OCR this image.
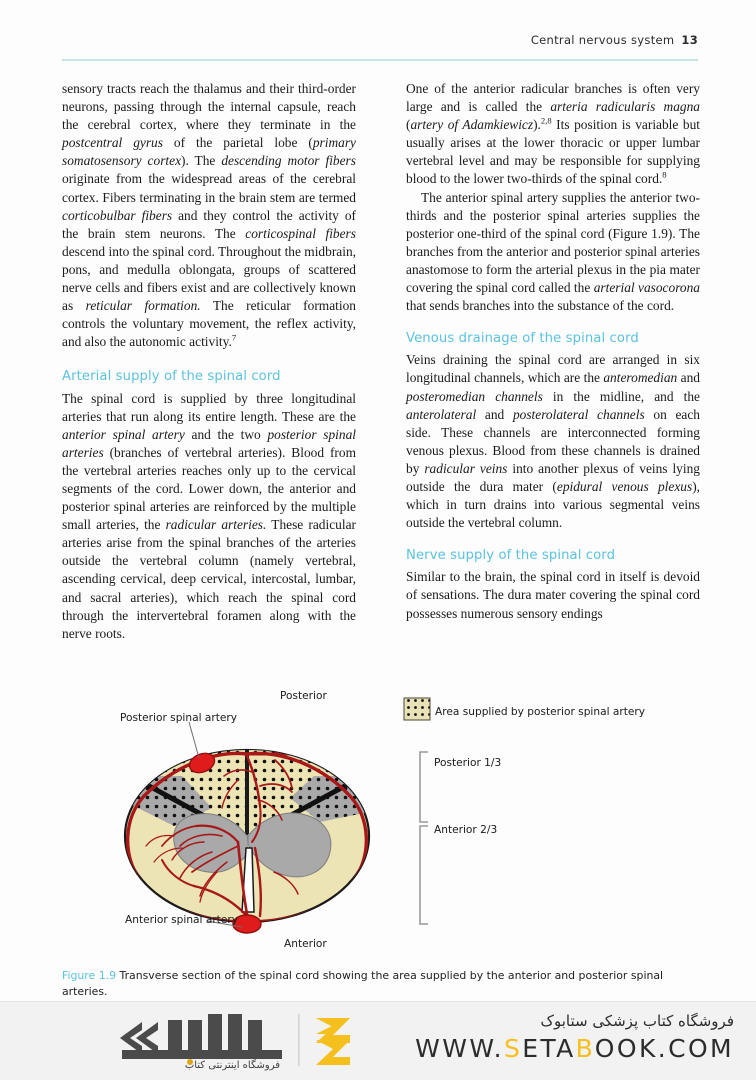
Central nervous system 13

sensory tracts reach the thalamus and their third-order neurons, passing through the internal capsule, reach the cerebral cortex, where they terminate in the postcentral gyrus of the parietal lobe (primary somatosensory cortex). The descending motor fibers originate from the widespread areas of the cerebral cortex. Fibers terminating in the brain stem are termed corticobulbar fibers and they control the activity of the brain stem neurons. The corticospinal fibers descend into the spinal cord. Throughout the midbrain, pons, and medulla oblongata, groups of scattered nerve cells and fibers exist and are collectively known as reticular formation. The reticular formation controls the voluntary movement, the reflex activity, and also the autonomic activity.$^7$

Arterial supply of the spinal cord

The spinal cord is supplied by three longitudinal arteries that run along its entire length. These are the anterior spinal artery and the two posterior spinal arteries (branches of vertebral arteries). Blood from the vertebral arteries reaches only up to the cervical segments of the cord. Lower down, the anterior and posterior spinal arteries are reinforced by the multiple small arteries, the radicular arteries. These radicular arteries arise from the spinal branches of the arteries outside the vertebral column (namely vertebral, ascending cervical, deep cervical, intercostal, lumbar, and sacral arteries), which reach the spinal cord through the intervertebral foramen along with the nerve roots.

One of the anterior radicular branches is often very large and is called the arteria radicularis magna (artery of Adamkiewicz).$^{2,8}$ Its position is variable but usually arises at the lower thoracic or upper lumbar vertebral level and may be responsible for supplying blood to the lower two-thirds of the spinal cord.$^8$

The anterior spinal artery supplies the anterior two-thirds and the posterior spinal arteries supplies the posterior one-third of the spinal cord (Figure 1.9). The branches from the anterior and posterior spinal arteries anastomose to form the arterial plexus in the pia mater covering the spinal cord called the arterial vasocorona that sends branches into the substance of the cord.

Venous drainage of the spinal cord

Veins draining the spinal cord are arranged in six longitudinal channels, which are the anteromedian and posteromedian channels in the midline, and the anterolateral and posterolateral channels on each side. These channels are interconnected forming venous plexus. Blood from these channels is drained by radicular veins into another plexus of veins lying outside the dura mater (epidural venous plexus), which in turn drains into various segmental veins outside the vertebral column.

Nerve supply of the spinal cord

Similar to the brain, the spinal cord in itself is devoid of sensations. The dura mater covering the spinal cord possesses numerous sensory endings

Posterior
Anterior
Posterior spinal artery
Anterior spinal artery
Area supplied by posterior spinal artery
Posterior 1/3
Anterior 2/3
Figure 1.9 Transverse section of the spinal cord showing the area supplied by the anterior and posterior spinal arteries.
فروشگاه اینترنتی کتاب
فروشگاه کتاب پزشکی ستابوک
WWW.SETABOOK.COM
